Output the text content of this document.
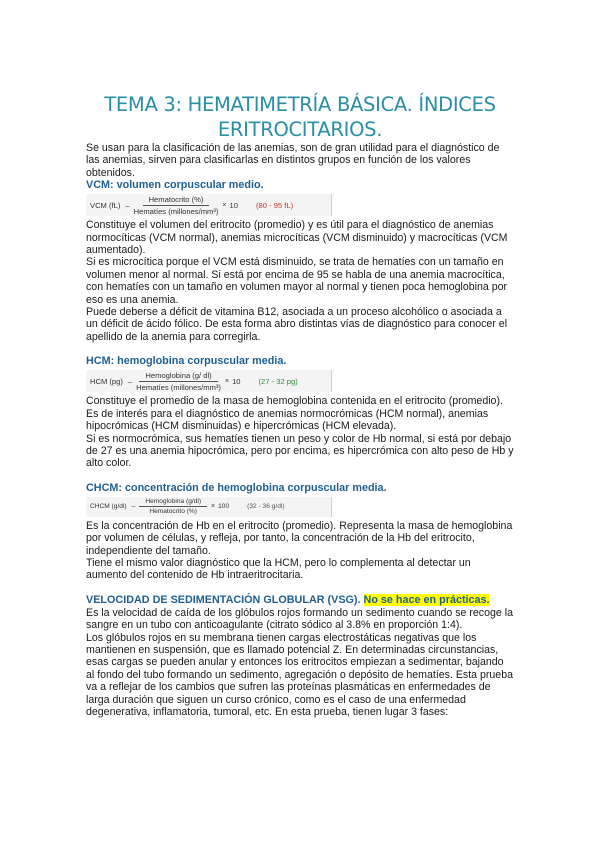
TEMA 3: HEMATIMETRÍA BÁSICA. ÍNDICES ERITROCITARIOS.

Se usan para la clasificación de las anemias, son de gran utilidad para el diagnóstico de las anemias, sirven para clasificarlas en distintos grupos en función de los valores obtenidos.

VCM: volumen corpuscular medio.
VCM $(fL) - \frac{\text{Hematocrito (\%)}}{\text{Hematíes (millones/mm³)}} \times 10$ (80 - 95 fL)

Constituye el volumen del eritrocito (promedio) y es útil para el diagnóstico de anemias normocíticas (VCM normal), anemias microcíticas (VCM disminuido) y macrocíticas (VCM aumentado).

Si es microcítica porque el VCM está disminuido, se trata de hematíes con un tamaño en volumen menor al normal. Si está por encima de 95 se habla de una anemia macrocítica, con hematíes con un tamaño en volumen mayor al normal y tienen poca hemoglobina por eso es una anemia.

Puede deberse a déficit de vitamina B12, asociada a un proceso alcohólico o asociada a un déficit de ácido fólico. De esta forma abro distintas vías de diagnóstico para conocer el apellido de la anemia para corregirla.

HCM: hemoglobina corpuscular media.
HCM $(pg) - \frac{\text{Hemoglobina (g/ dl)}}{\text{Hematíes (millones/mm³)}} \times 10$ (27 - 32 pg)

Constituye el promedio de la masa de hemoglobina contenida en el eritrocito (promedio). Es de interés para el diagnóstico de anemias normocrómicas (HCM normal), anemias hipocrómicas (HCM disminuidas) e hipercrómicas (HCM elevada).

Si es normocrómica, sus hematíes tienen un peso y color de Hb normal, si está por debajo de 27 es una anemia hipocrómica, pero por encima, es hipercrómica con alto peso de Hb y alto color.

CHCM: concentración de hemoglobina corpuscular media.
CHCM $(g/dl) - \frac{\text{Hemoglobina (g/dl)}}{\text{Hematocrito (\%)}} \times 100$	(32 - 36 g/dl)

Es la concentración de Hb en el eritrocito (promedio). Representa la masa de hemoglobina por volumen de células, y refleja, por tanto, la concentración de la Hb del eritrocito, independiente del tamaño.

Tiene el mismo valor diagnóstico que la HCM, pero lo complementa al detectar un aumento del contenido de Hb intraeritrocitaria.

VELOCIDAD DE SEDIMENTACIÓN GLOBULAR (VSG). No se hace en prácticas.

Es la velocidad de caída de los glóbulos rojos formando un sedimento cuando se recoge la sangre en un tubo con anticoagulante (citrato sódico al 3.8% en proporción 1:4).

Los glóbulos rojos en su membrana tienen cargas electrostáticas negativas que los mantienen en suspensión, que es llamado potencial Z. En determinadas circunstancias, esas cargas se pueden anular y entonces los eritrocitos empiezan a sedimentar, bajando al fondo del tubo formando un sedimento, agregación o depósito de hematíes. Esta prueba va a reflejar de los cambios que sufren las proteínas plasmáticas en enfermedades de larga duración que siguen un curso crónico, como es el caso de una enfermedad degenerativa, inflamatoria, tumoral, etc. En esta prueba, tienen lugar 3 fases:
